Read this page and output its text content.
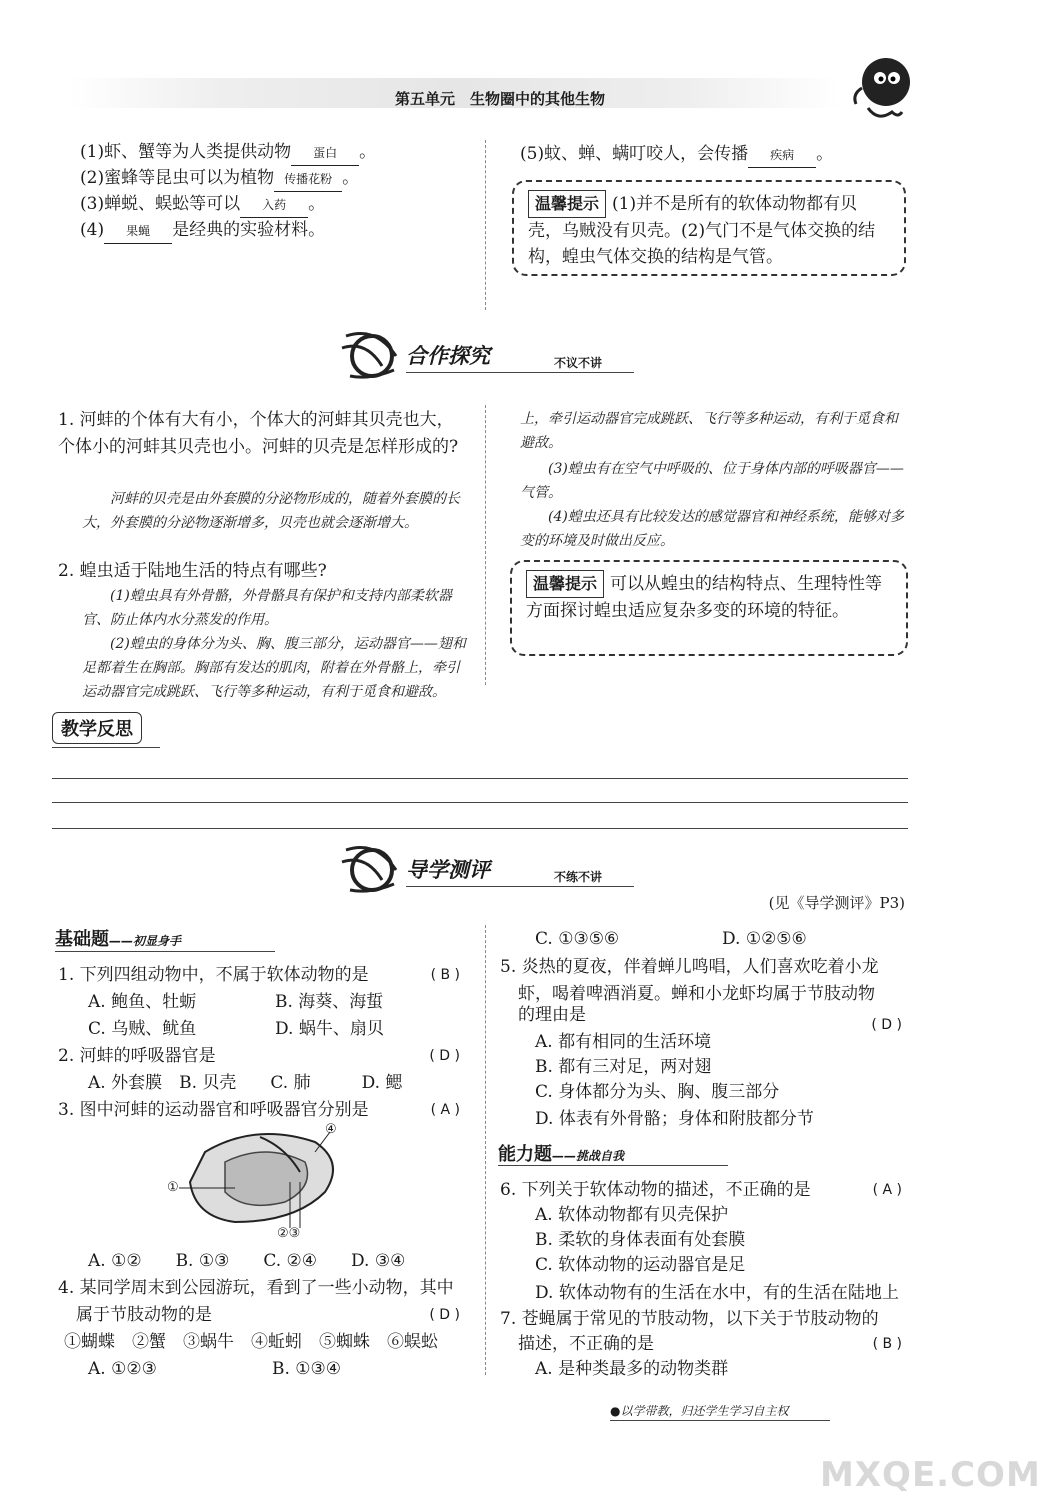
第五单元　生物圈中的其他生物
(1)虾、蟹等为人类提供动物 蛋白 。
(2)蜜蜂等昆虫可以为植物 传播花粉 。
(3)蝉蜕、蜈蚣等可以 入药 。
(4) 果蝇 是经典的实验材料。
(5)蚊、蝉、螨叮咬人，会传播 疾病 。
温馨提示 (1)并不是所有的软体动物都有贝壳，乌贼没有贝壳。(2)气门不是气体交换的结构，蝗虫气体交换的结构是气管。
合作探究	不议不讲
1. 河蚌的个体有大有小，个体大的河蚌其贝壳也大，个体小的河蚌其贝壳也小。河蚌的贝壳是怎样形成的?
河蚌的贝壳是由外套膜的分泌物形成的，随着外套膜的长大，外套膜的分泌物逐渐增多，贝壳也就会逐渐增大。
2. 蝗虫适于陆地生活的特点有哪些?
(1)蝗虫具有外骨骼，外骨骼具有保护和支持内部柔软器官、防止体内水分蒸发的作用。
(2)蝗虫的身体分为头、胸、腹三部分，运动器官——翅和足都着生在胸部。胸部有发达的肌肉，附着在外骨骼上，牵引运动器官完成跳跃、飞行等多种运动，有利于觅食和避敌。
上，牵引运动器官完成跳跃、飞行等多种运动，有利于觅食和避敌。
(3)蝗虫有在空气中呼吸的、位于身体内部的呼吸器官——气管。
(4)蝗虫还具有比较发达的感觉器官和神经系统，能够对多变的环境及时做出反应。
温馨提示 可以从蝗虫的结构特点、生理特性等方面探讨蝗虫适应复杂多变的环境的特征。
教学反思
导学测评	不练不讲
(见《导学测评》P3)
基础题——初显身手
1. 下列四组动物中，不属于软体动物的是	( B )
A. 鲍鱼、牡蛎	B. 海葵、海蜇
C. 乌贼、鱿鱼	D. 蜗牛、扇贝
2. 河蚌的呼吸器官是	( D )
A. 外套膜　B. 贝壳　　C. 肺　　　D. 鳃
3. 图中河蚌的运动器官和呼吸器官分别是	( A )
①
②③
④
A. ①②　　B. ①③　　C. ②④　　D. ③④
4. 某同学周末到公园游玩，看到了一些小动物，其中
属于节肢动物的是	( D )
①蝴蝶　②蟹　③蜗牛　④蚯蚓　⑤蜘蛛　⑥蜈蚣
A. ①②③	B. ①③④
C. ①③⑤⑥	D. ①②⑤⑥
5. 炎热的夏夜，伴着蝉儿鸣唱，人们喜欢吃着小龙
虾，喝着啤酒消夏。蝉和小龙虾均属于节肢动物
的理由是	( D )
A. 都有相同的生活环境
B. 都有三对足，两对翅
C. 身体都分为头、胸、腹三部分
D. 体表有外骨骼；身体和附肢都分节
能力题——挑战自我
6. 下列关于软体动物的描述，不正确的是	( A )
A. 软体动物都有贝壳保护
B. 柔软的身体表面有处套膜
C. 软体动物的运动器官是足
D. 软体动物有的生活在水中，有的生活在陆地上
7. 苍蝇属于常见的节肢动物，以下关于节肢动物的
描述，不正确的是	( B )
A. 是种类最多的动物类群
●以学带教，归还学生学习自主权
MXQE.COM
